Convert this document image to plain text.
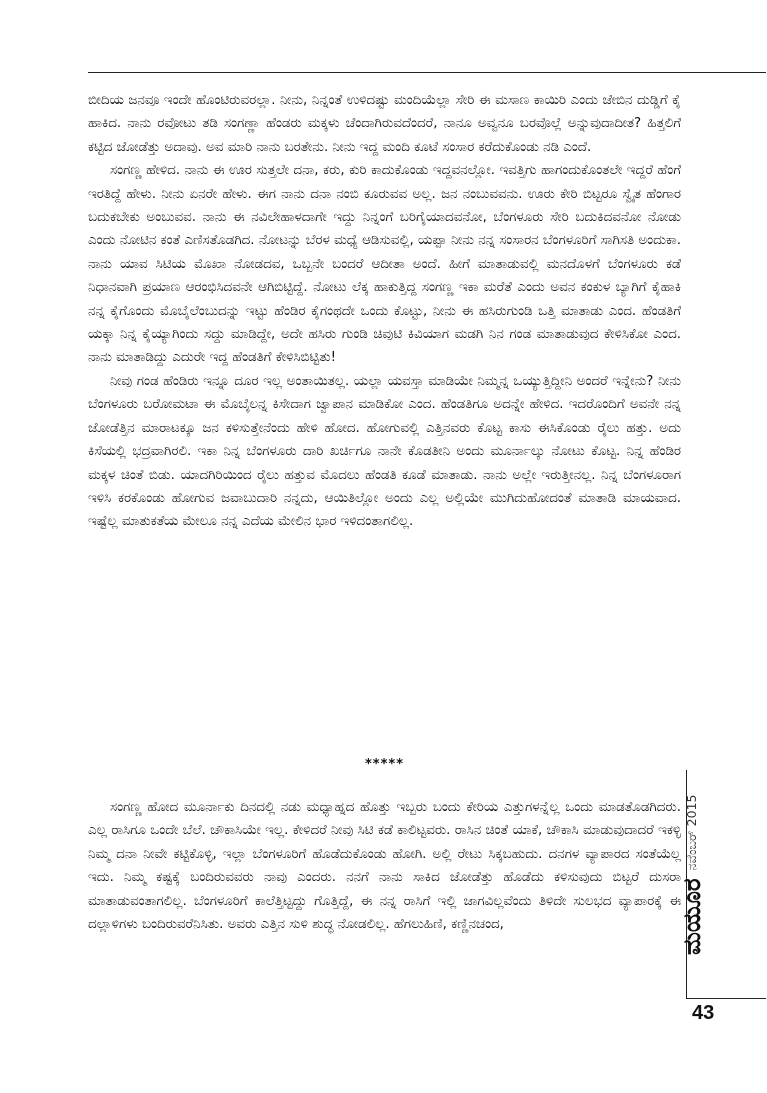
ಬೀದಿಯ ಜನವೂ ಇಂದೇ ಹೊಂಟಿರುವರಲ್ಲಾ. ನೀನು, ನಿನ್ನಂತೆ ಉಳಿದಷ್ಟು ಮಂದಿಯೆಲ್ಲಾ ಸೇರಿ ಈ ಮಸಾಣ ಕಾಯಿರಿ ಎಂದು ಜೇಬಿನ ದುಡ್ಡಿಗೆ ಕೈ ಹಾಕಿದ. ನಾನು ರವೋಟು ತಡಿ ಸಂಗಣ್ಣಾ ಹೆಂಡರು ಮಕ್ಕಳು ಚೆಂದಾಗಿರುವದೆಂದರೆ, ನಾನೂ ಅವ್ವನೂ ಬರವೊಲ್ಲೆ ಅನ್ನುವುದಾದೀತ? ಹಿತ್ತಲಿಗೆ ಕಟ್ಟಿದ ಜೋಡೆತ್ತು ಅದಾವು. ಅವ ಮಾರಿ ನಾನು ಬರತೇನು. ನೀನು ಇದ್ದ ಮಂದಿ ಕೂಟೆ ಸಂಸಾರ ಕರೆದುಕೊಂಡು ನಡಿ ಎಂದೆ.

ಸಂಗಣ್ಣ ಹೇಳಿದ. ನಾನು ಈ ಊರ ಸುತ್ತಲೇ ದನಾ, ಕರು, ಕುರಿ ಕಾದುಕೊಂಡು ಇದ್ದವನಲ್ಲೋ. ಇವತ್ತಿಗು ಹಾಗಂದುಕೊಂತಲೇ ಇದ್ದರೆ ಹೆಂಗೆ ಇರತಿದ್ದೆ ಹೇಳು. ನೀನು ಏನರೇ ಹೇಳು. ಈಗ ನಾನು ದನಾ ನಂಬಿ ಕೂರುವವ ಅಲ್ಲ. ಜನ ನಂಬುವವನು. ಊರು ಕೇರಿ ಬಿಟ್ಟರೂ ಸ್ವೈತ ಹೆಂಗಾರ ಬದುಕಬೇಕು ಅಂಬುವವ. ನಾನು ಈ ನವಿಲೇಹಾಳದಾಗೇ ಇದ್ದು ನಿನ್ನಂಗೆ ಬರಿಗೈಯಾದವನೋ, ಬೆಂಗಳೂರು ಸೇರಿ ಬದುಕಿದವನೋ ನೋಡು ಎಂದು ನೋಟಿನ ಕಂತೆ ಎಣಿಸತೊಡಗಿದ. ನೋಟನ್ನು ಬೆರಳ ಮಧ್ಯೆ ಆಡಿಸುವಲ್ಲಿ, ಯಪ್ಪಾ ನೀನು ನನ್ನ ಸಂಸಾರನ ಬೆಂಗಳೂರಿಗೆ ಸಾಗಿಸತಿ ಅಂದುಕಾ. ನಾನು ಯಾವ ಸಿಟಿಯ ಮೊಖಾ ನೋಡದವ, ಒಬ್ಬನೇ ಬಂದರೆ ಆದೀತಾ ಅಂದೆ. ಹೀಗೆ ಮಾತಾಡುವಲ್ಲಿ ಮನದೊಳಗೆ ಬೆಂಗಳೂರು ಕಡೆ ನಿಧಾನವಾಗಿ ಪ್ರಯಾಣ ಆರಂಭಿಸಿದವನೇ ಆಗಿಬಿಟ್ಟಿದ್ದೆ. ನೋಟು ಲೆಕ್ಕ ಹಾಕುತ್ತಿದ್ದ ಸಂಗಣ್ಣ ಇಕಾ ಮರೆತೆ ಎಂದು ಅವನ ಕಂಕುಳ ಬ್ಯಾಗಿಗೆ ಕೈಹಾಕಿ ನನ್ನ ಕೈಗೊಂದು ಮೊಬೈಲೆಂಬುದನ್ನು ಇಟ್ಟು ಹೆಂಡಿರ ಕೈಗಂಥದೇ ಒಂದು ಕೊಟ್ಟು, ನೀನು ಈ ಹಸಿರುಗುಂಡಿ ಒತ್ತಿ ಮಾತಾಡು ಎಂದ. ಹೆಂಡತಿಗೆ ಯಕ್ಕಾ ನಿನ್ನ ಕೈಯ್ಯಾಗಿಂದು ಸದ್ದು ಮಾಡಿದ್ದೇ, ಅದೇ ಹಸಿರು ಗುಂಡಿ ಚಿವುಟಿ ಕಿವಿಯಾಗ ಮಡಗಿ ನಿನ ಗಂಡ ಮಾತಾಡುವುದ ಕೇಳಿಸಿಕೋ ಎಂದ. ನಾನು ಮಾತಾಡಿದ್ದು ಎದುರೇ ಇದ್ದ ಹೆಂಡತಿಗೆ ಕೇಳಿಸಿಬಿಟ್ಟಿತು!

ನೀವು ಗಂಡ ಹೆಂಡಿರು ಇನ್ನೂ ದೂರ ಇಲ್ಲ ಅಂತಾಯಿತಲ್ಲ. ಯಲ್ಲಾ ಯವಸ್ತಾ ಮಾಡಿಯೇ ನಿಮ್ಮನ್ನ ಒಯ್ಯುತ್ತಿದ್ದೀನಿ ಅಂದರೆ ಇನ್ನೇನು? ನೀನು ಬೆಂಗಳೂರು ಬರೋಮಟಾ ಈ ಮೊಬೈಲನ್ನ ಕಿಸೇದಾಗ ಜ್ವಾಪಾನ ಮಾಡಿಕೋ ಎಂದ. ಹೆಂಡತಿಗೂ ಅದನ್ನೇ ಹೇಳಿದ. ಇದರೊಂದಿಗೆ ಅವನೇ ನನ್ನ ಜೋಡೆತ್ತಿನ ಮಾರಾಟಕ್ಕೂ ಜನ ಕಳಿಸುತ್ತೇನೆಂದು ಹೇಳಿ ಹೋದ. ಹೋಗುವಲ್ಲಿ ಎತ್ತಿನವರು ಕೊಟ್ಟ ಕಾಸು ಈಸಿಕೊಂಡು ರೈಲು ಹತ್ತು. ಅದು ಕಿಸೆಯಲ್ಲಿ ಭದ್ರವಾಗಿರಲಿ. ಇಕಾ ನಿನ್ನ ಬೆಂಗಳೂರು ದಾರಿ ಖರ್ಚಿಗೂ ನಾನೇ ಕೊಡತೀನಿ ಅಂದು ಮೂರ್ನಾಲ್ಕು ನೋಟು ಕೊಟ್ಟ. ನಿನ್ನ ಹೆಂಡಿರ ಮಕ್ಕಳ ಚಿಂತೆ ಬಿಡು. ಯಾದಗಿರಿಯಿಂದ ರೈಲು ಹತ್ತುವ ಮೊದಲು ಹೆಂಡತಿ ಕೂಡೆ ಮಾತಾಡು. ನಾನು ಅಲ್ಲೇ ಇರುತ್ತೀನಲ್ಲ. ನಿನ್ನ ಬೆಂಗಳೂರಾಗ ಇಳಿಸಿ ಕರಕೊಂಡು ಹೋಗುವ ಜವಾಬುದಾರಿ ನನ್ನದು, ಆಯಿತಿಲ್ಲೋ ಅಂದು ಎಲ್ಲ ಅಲ್ಲಿಯೇ ಮುಗಿದುಹೋದಂತೆ ಮಾತಾಡಿ ಮಾಯವಾದ. ಇಷ್ಟೆಲ್ಲ ಮಾತುಕತೆಯ ಮೇಲೂ ನನ್ನ ಎದೆಯ ಮೇಲಿನ ಭಾರ ಇಳಿದಂತಾಗಲಿಲ್ಲ.

*****

ಸಂಗಣ್ಣ ಹೋದ ಮೂರ್ನಾಕು ದಿನದಲ್ಲಿ ನಡು ಮಧ್ಯಾಹ್ನದ ಹೊತ್ತು ಇಬ್ಬರು ಬಂದು ಕೇರಿಯ ಎತ್ತುಗಳನ್ನೆಲ್ಲ ಒಂದು ಮಾಡತೊಡಗಿದರು. ಎಲ್ಲ ರಾಸಿಗೂ ಒಂದೇ ಬೆಲೆ. ಚೌಕಾಸಿಯೇ ಇಲ್ಲ. ಕೇಳಿದರೆ ನೀವು ಸಿಟಿ ಕಡೆ ಕಾಲಿಟ್ಟವರು. ರಾಸಿನ ಚಿಂತೆ ಯಾಕೆ, ಚೌಕಾಸಿ ಮಾಡುವುದಾದರೆ ಇಕಳ್ಳಿ ನಿಮ್ಮ ದನಾ ನೀವೇ ಕಟ್ಟಿಕೊಳ್ಳಿ, ಇಲ್ಲಾ ಬೆಂಗಳೂರಿಗೆ ಹೊಡೆದುಕೊಂಡು ಹೋಗಿ. ಅಲ್ಲಿ ರೇಟು ಸಿಕ್ಕಬಹುದು. ದನಗಳ ವ್ಯಾಪಾರದ ಸಂತೆಯೆಲ್ಲ ಇದು. ನಿಮ್ಮ ಕಷ್ಟಕ್ಕೆ ಬಂದಿರುವವರು ನಾವು ಎಂದರು. ನನಗೆ ನಾನು ಸಾಕಿದ ಜೋಡೆತ್ತು ಹೊಡೆದು ಕಳಿಸುವುದು ಬಿಟ್ಟರೆ ದುಸರಾ ಮಾತಾಡುವಂತಾಗಲಿಲ್ಲ. ಬೆಂಗಳೂರಿಗೆ ಕಾಲೆತ್ತಿಟ್ಟದ್ದು ಗೊತ್ತಿದ್ದೆ, ಈ ನನ್ನ ರಾಸಿಗೆ ಇಲ್ಲಿ ಜಾಗವಿಲ್ಲವೆಂದು ತಿಳಿದೇ ಸುಲಭದ ವ್ಯಾಪಾರಕ್ಕೆ ಈ ದಲ್ಲಾಳಿಗಳು ಬಂದಿರುವರೆನಿಸಿತು. ಅವರು ಎತ್ತಿನ ಸುಳಿ ಶುದ್ಧ ನೋಡಲಿಲ್ಲ. ಹೆಗಲುಹಿಣಿ, ಕಣ್ಣಿನಚಂದ,	ಮಯೂರ
ನವೆಂಬರ್ 2015
43
